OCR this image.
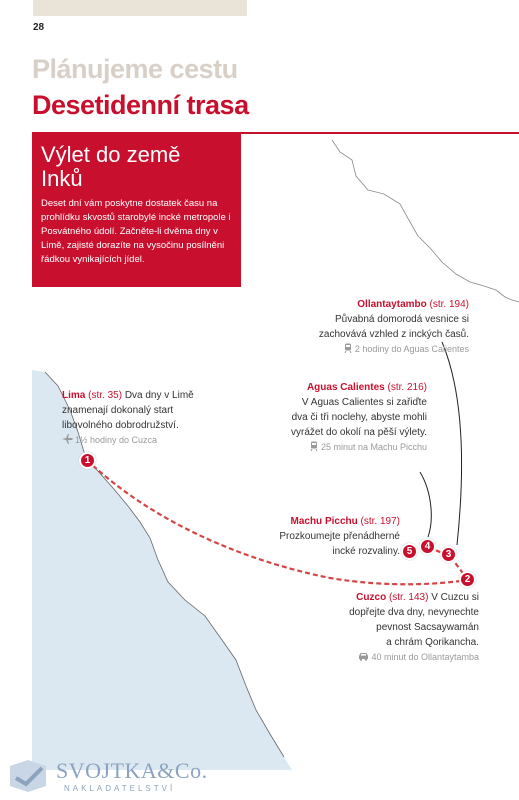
28
Plánujeme cestu
Desetidenní trasa
Výlet do země Inků
Deset dní vám poskytne dostatek času na prohlídku skvostů starobylé incké metropole i Posvátného údolí. Začněte-li dvěma dny v Limě, zajisté dorazíte na vysočinu posílněni řádkou vynikajících jídel.
Ollantaytambo (str. 194)
Půvabná domorodá vesnice si
zachovává vzhled z inckých časů.
2 hodiny do Aguas Calientes
Lima (str. 35) Dva dny v Limě
znamenají dokonalý start
libovolného dobrodružství.
1½ hodiny do Cuzca
Aguas Calientes (str. 216)
V Aguas Calientes si zařiďte
dva či tři noclehy, abyste mohli
vyrážet do okolí na pěší výlety.
25 minut na Machu Picchu
Machu Picchu (str. 197)
Prozkoumejte přenádherné
incké rozvaliny.
Cuzco (str. 143) V Cuzcu si
dopřejte dva dny, nevynechte
pevnost Sacsaywamán
a chrám Qorikancha.
40 minut do Ollantaytamba
1
2
3
4
5
SVOJTKA&Co.
NAKLADATELSTVÍ
